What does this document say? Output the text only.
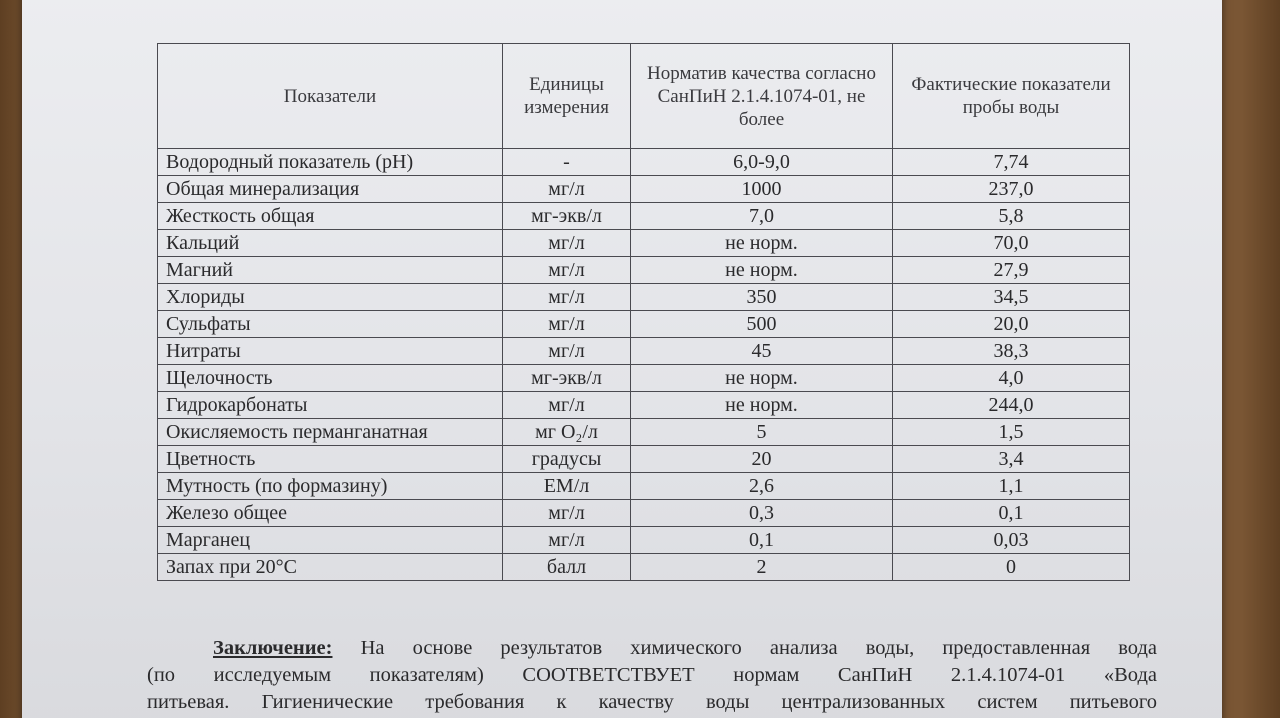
Показатели	Единицы измерения	Норматив качества согласно СанПиН 2.1.4.1074-01, не более	Фактические показатели пробы воды
Водородный показатель (pH)	-	6,0-9,0	7,74
Общая минерализация	мг/л	1000	237,0
Жесткость общая	мг-экв/л	7,0	5,8
Кальций	мг/л	не норм.	70,0
Магний	мг/л	не норм.	27,9
Хлориды	мг/л	350	34,5
Сульфаты	мг/л	500	20,0
Нитраты	мг/л	45	38,3
Щелочность	мг-экв/л	не норм.	4,0
Гидрокарбонаты	мг/л	не норм.	244,0
Окисляемость перманганатная	мг O₂/л	5	1,5
Цветность	градусы	20	3,4
Мутность (по формазину)	ЕМ/л	2,6	1,1
Железо общее	мг/л	0,3	0,1
Марганец	мг/л	0,1	0,03
Запах при 20°С	балл	2	0

Заключение: На основе результатов химического анализа воды, предоставленная вода

(по исследуемым показателям) СООТВЕТСТВУЕТ нормам СанПиН 2.1.4.1074-01 «Вода

питьевая. Гигиенические требования к качеству воды централизованных систем питьевого
